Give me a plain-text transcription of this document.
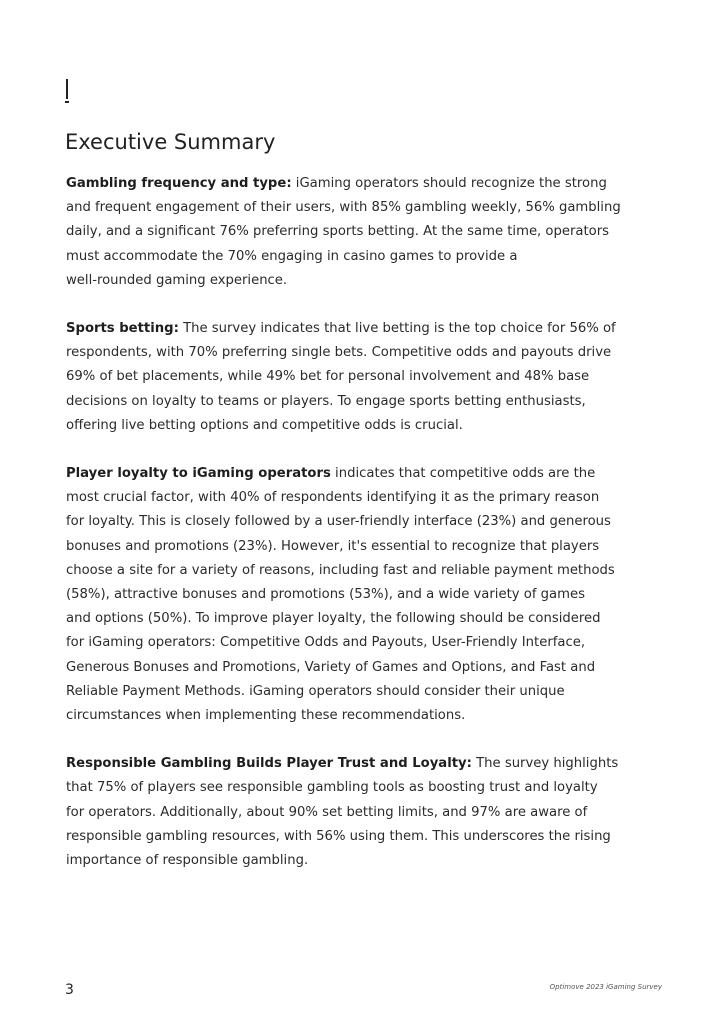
Executive Summary

Gambling frequency and type: iGaming operators should recognize the strong
and frequent engagement of their users, with 85% gambling weekly, 56% gambling
daily, and a significant 76% preferring sports betting. At the same time, operators
must accommodate the 70% engaging in casino games to provide a
well-rounded gaming experience.

Sports betting: The survey indicates that live betting is the top choice for 56% of
respondents, with 70% preferring single bets. Competitive odds and payouts drive
69% of bet placements, while 49% bet for personal involvement and 48% base
decisions on loyalty to teams or players. To engage sports betting enthusiasts,
offering live betting options and competitive odds is crucial.

Player loyalty to iGaming operators indicates that competitive odds are the
most crucial factor, with 40% of respondents identifying it as the primary reason
for loyalty. This is closely followed by a user-friendly interface (23%) and generous
bonuses and promotions (23%). However, it's essential to recognize that players
choose a site for a variety of reasons, including fast and reliable payment methods
(58%), attractive bonuses and promotions (53%), and a wide variety of games
and options (50%). To improve player loyalty, the following should be considered
for iGaming operators: Competitive Odds and Payouts, User-Friendly Interface,
Generous Bonuses and Promotions, Variety of Games and Options, and Fast and
Reliable Payment Methods. iGaming operators should consider their unique
circumstances when implementing these recommendations.

Responsible Gambling Builds Player Trust and Loyalty: The survey highlights
that 75% of players see responsible gambling tools as boosting trust and loyalty
for operators. Additionally, about 90% set betting limits, and 97% are aware of
responsible gambling resources, with 56% using them. This underscores the rising
importance of responsible gambling.

3	Optimove 2023 iGaming Survey
